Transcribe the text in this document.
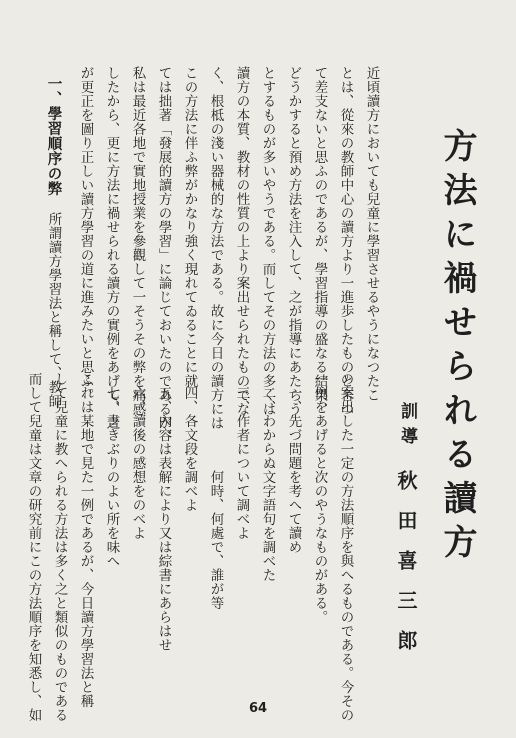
方法に禍せられる讀方
訓導
秋田喜三郎
近頃讀方においても兒童に學習させるやうになつたこ
とは、從來の教師中心の讀方より一進歩したものと言つ
て差支ないと思ふのであるが、學習指導の盛なる結果、
どうかすると預め方法を注入して、之が指導にあたらう
とするものが多いやうである。而してその方法の多くは
讀方の本質、教材の性質の上より案出せられたものでな
く、根柢の淺い器械的な方法である。故に今日の讀方には
この方法に伴ふ弊がかなり強く現れてゐることに就
ては拙著「發展的讀方の學習」に論じておいたのであるが、
私は最近各地で實地授業を參觀して一そうその弊を痛感
したから、更に方法に禍せられる讀方の實例をあげて、之
が更正を圖り正しい讀方學習の道に進みたいと思ふ。
一、學習順序の弊
所謂讀方學習法と稱して、教師
の案出した一定の方法順序を與へるものである。今その
一例をあげると次のやうなものがある。
一、先づ問題を考へて讀め
二、わからぬ文字語句を調べた
三、作者について調べよ
何時、何處で、誰が等
四、各文段を調べよ
五、內容は表解により又は綜書にあらはせ
六、讀後の感想をのべよ
七、書きぶりのよい所を味へ
これは某地で見た一例であるが、今日讀方學習法と稱
して兒童に教へられる方法は多く之と類似のものである
而して兒童は文章の研究前にこの方法順序を知悉し、如	64
